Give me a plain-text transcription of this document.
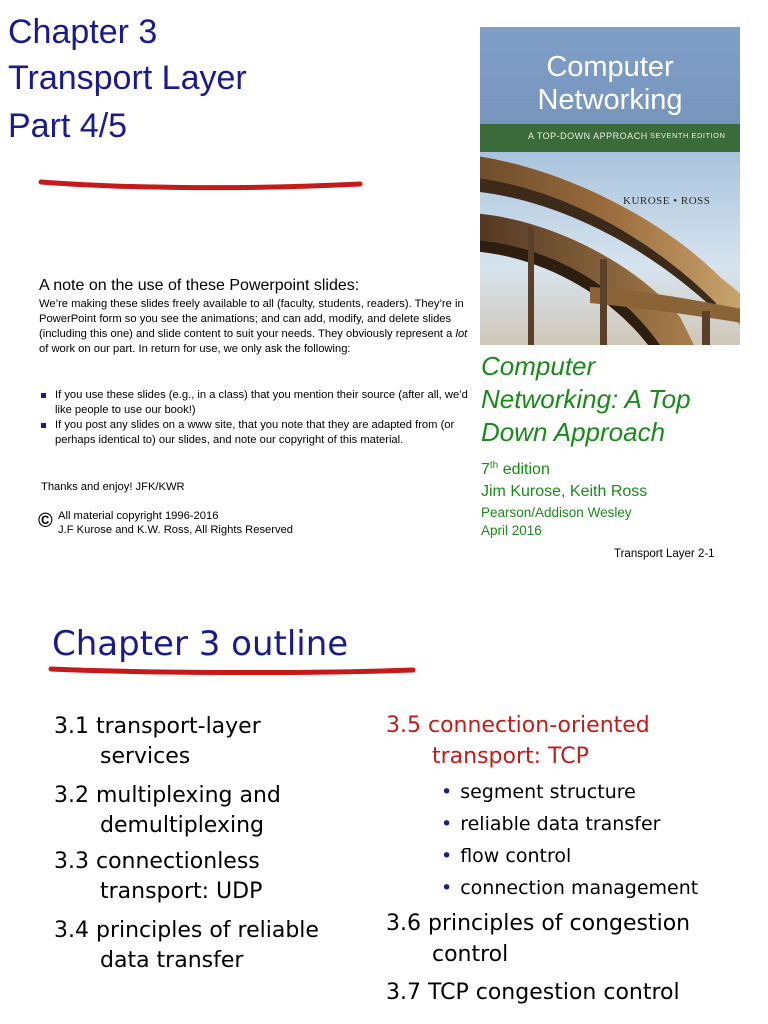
Chapter 3
Transport Layer
Part 4/5
A note on the use of these Powerpoint slides:

We’re making these slides freely available to all (faculty, students, readers). They’re in PowerPoint form so you see the animations; and can add, modify, and delete slides (including this one) and slide content to suit your needs. They obviously represent a lot of work on our part. In return for use, we only ask the following:

If you use these slides (e.g., in a class) that you mention their source (after all, we’d like people to use our book!)
If you post any slides on a www site, that you note that they are adapted from (or perhaps identical to) our slides, and note our copyright of this material.
Thanks and enjoy! JFK/KWR
© All material copyright 1996-2016
J.F Kurose and K.W. Ross, All Rights Reserved
Computer
Networking
A TOP-DOWN APPROACH SEVENTH EDITION
KUROSE • ROSS
Computer
Networking: A Top
Down Approach
7th edition
Jim Kurose, Keith Ross
Pearson/Addison Wesley
April 2016
Transport Layer 2-1
Chapter 3 outline
3.1 transport-layer
services
3.2 multiplexing and
demultiplexing
3.3 connectionless
transport: UDP
3.4 principles of reliable
data transfer
3.5 connection-oriented
transport: TCP
• segment structure
• reliable data transfer
• flow control
• connection management
3.6 principles of congestion
control
3.7 TCP congestion control
